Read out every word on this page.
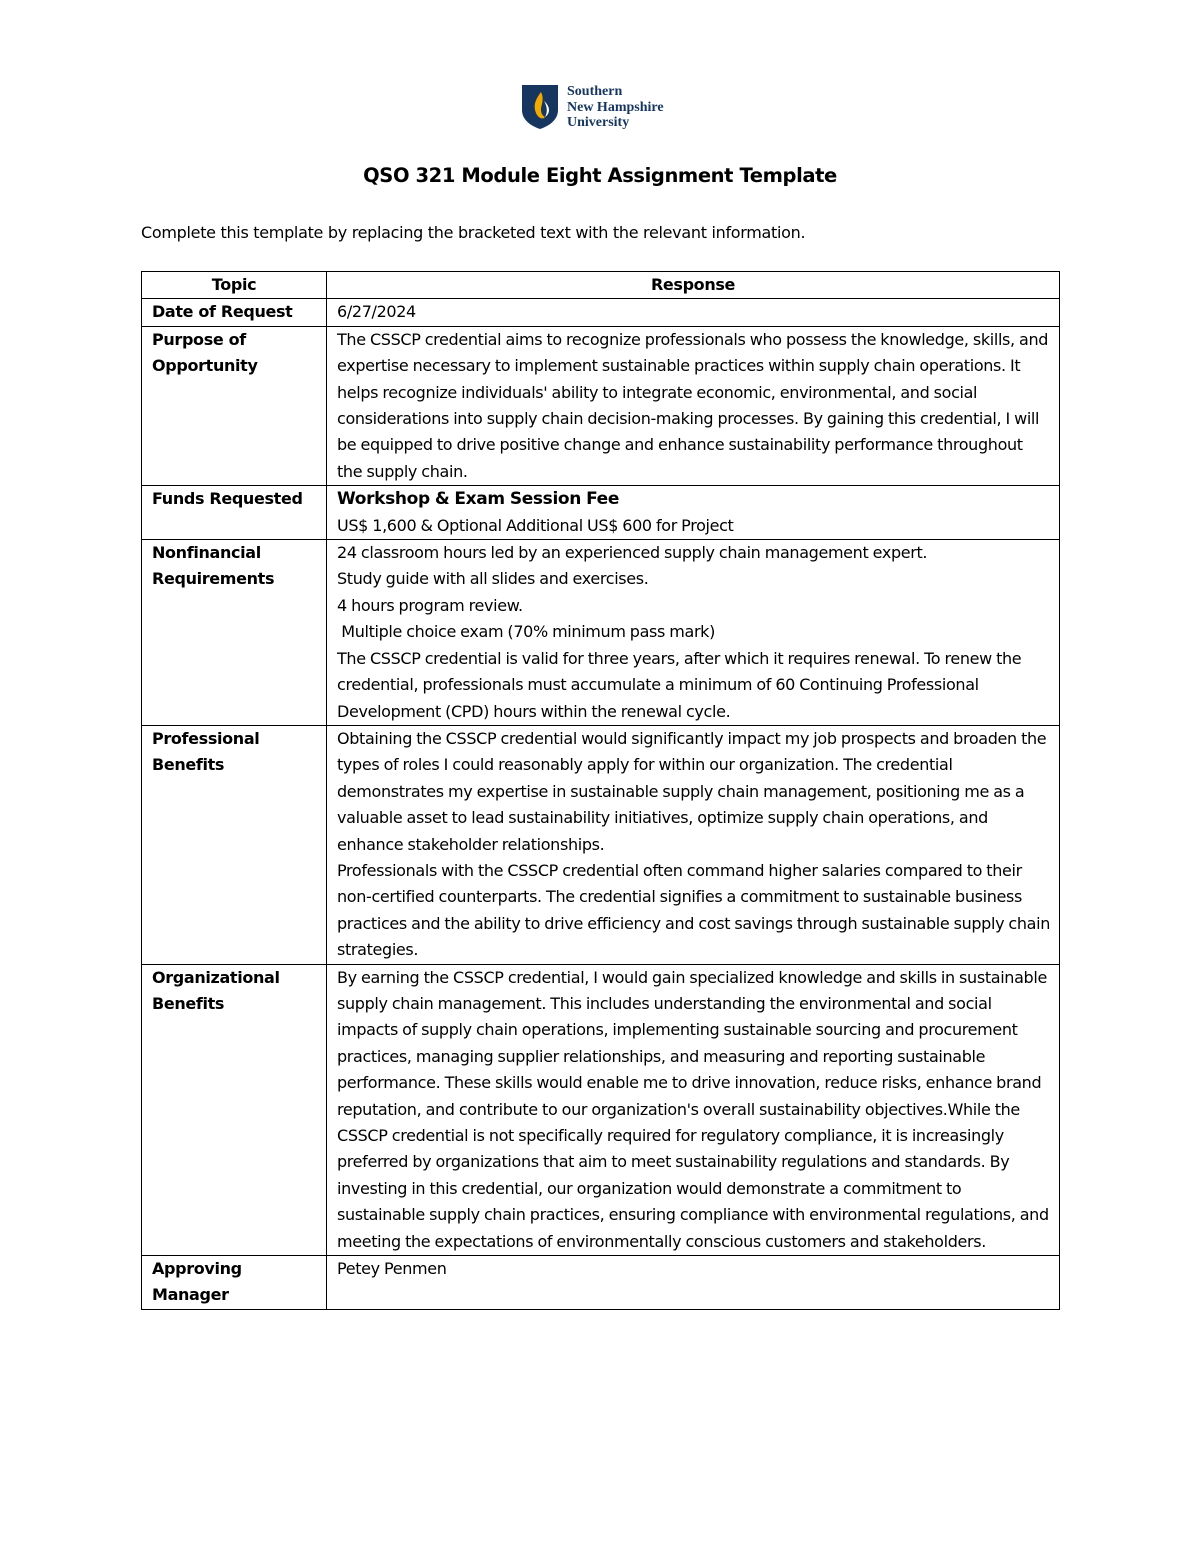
Southern
New Hampshire
University
QSO 321 Module Eight Assignment Template
Complete this template by replacing the bracketed text with the relevant information.
Topic	Response
Date of Request	6/27/2024
Purpose of Opportunity	The CSSCP credential aims to recognize professionals who possess the knowledge, skills, and expertise necessary to implement sustainable practices within supply chain operations. It helps recognize individuals' ability to integrate economic, environmental, and social considerations into supply chain decision-making processes. By gaining this credential, I will be equipped to drive positive change and enhance sustainability performance throughout the supply chain.
Funds Requested	Workshop & Exam Session Fee
US$ 1,600 & Optional Additional US$ 600 for Project

Nonfinancial Requirements	24 classroom hours led by an experienced supply chain management expert.
Study guide with all slides and exercises.
4 hours program review.
Multiple choice exam (70% minimum pass mark)
The CSSCP credential is valid for three years, after which it requires renewal. To renew the credential, professionals must accumulate a minimum of 60 Continuing Professional Development (CPD) hours within the renewal cycle.

Professional Benefits	Obtaining the CSSCP credential would significantly impact my job prospects and broaden the types of roles I could reasonably apply for within our organization. The credential demonstrates my expertise in sustainable supply chain management, positioning me as a valuable asset to lead sustainability initiatives, optimize supply chain operations, and enhance stakeholder relationships.
Professionals with the CSSCP credential often command higher salaries compared to their non-certified counterparts. The credential signifies a commitment to sustainable business practices and the ability to drive efficiency and cost savings through sustainable supply chain strategies.

Organizational Benefits	By earning the CSSCP credential, I would gain specialized knowledge and skills in sustainable supply chain management. This includes understanding the environmental and social impacts of supply chain operations, implementing sustainable sourcing and procurement practices, managing supplier relationships, and measuring and reporting sustainable performance. These skills would enable me to drive innovation, reduce risks, enhance brand reputation, and contribute to our organization's overall sustainability objectives.While the CSSCP credential is not specifically required for regulatory compliance, it is increasingly preferred by organizations that aim to meet sustainability regulations and standards. By investing in this credential, our organization would demonstrate a commitment to sustainable supply chain practices, ensuring compliance with environmental regulations, and meeting the expectations of environmentally conscious customers and stakeholders.
Approving Manager	Petey Penmen
